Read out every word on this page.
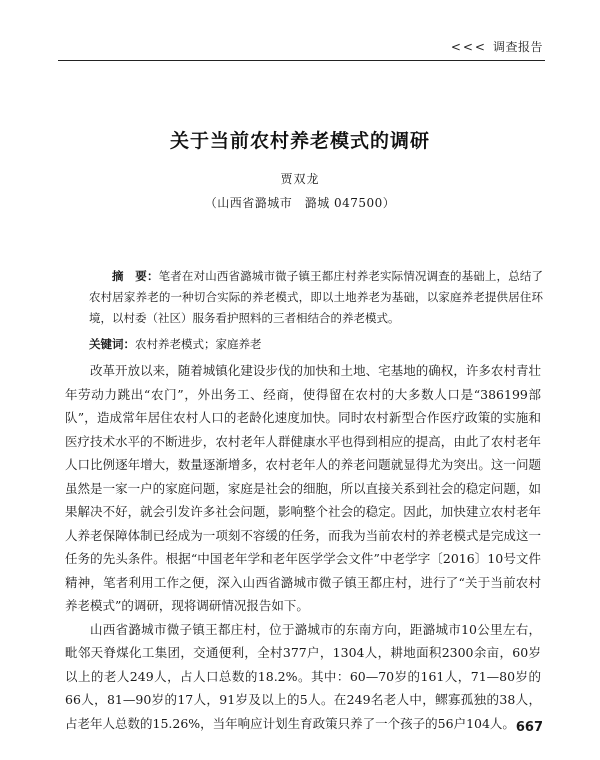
<<< 调查报告
关于当前农村养老模式的调研
贾双龙
（山西省潞城市　潞城 047500）
摘　要：笔者在对山西省潞城市微子镇王都庄村养老实际情况调查的基础上，总结了农村居家养老的一种切合实际的养老模式，即以土地养老为基础，以家庭养老提供居住环境，以村委（社区）服务看护照料的三者相结合的养老模式。
关键词：农村养老模式；家庭养老

改革开放以来，随着城镇化建设步伐的加快和土地、宅基地的确权，许多农村青壮年劳动力跳出“农门”，外出务工、经商，使得留在农村的大多数人口是“386199部队”，造成常年居住农村人口的老龄化速度加快。同时农村新型合作医疗政策的实施和医疗技术水平的不断进步，农村老年人群健康水平也得到相应的提高，由此了农村老年人口比例逐年增大，数量逐渐增多，农村老年人的养老问题就显得尤为突出。这一问题虽然是一家一户的家庭问题，家庭是社会的细胞，所以直接关系到社会的稳定问题，如果解决不好，就会引发许多社会问题，影响整个社会的稳定。因此，加快建立农村老年人养老保障体制已经成为一项刻不容缓的任务，而我为当前农村的养老模式是完成这一任务的先头条件。根据“中国老年学和老年医学学会文件”中老学字〔2016〕10号文件精神，笔者利用工作之便，深入山西省潞城市微子镇王都庄村，进行了“关于当前农村养老模式”的调研，现将调研情况报告如下。

山西省潞城市微子镇王都庄村，位于潞城市的东南方向，距潞城市10公里左右，毗邻天脊煤化工集团，交通便利，全村377户，1304人，耕地面积2300余亩，60岁以上的老人249人，占人口总数的18.2%。其中：60—70岁的161人，71—80岁的66人，81—90岁的17人，91岁及以上的5人。在249名老人中，鳏寡孤独的38人，占老年人总数的15.26%，当年响应计划生育政策只养了一个孩子的56户104人。 667
